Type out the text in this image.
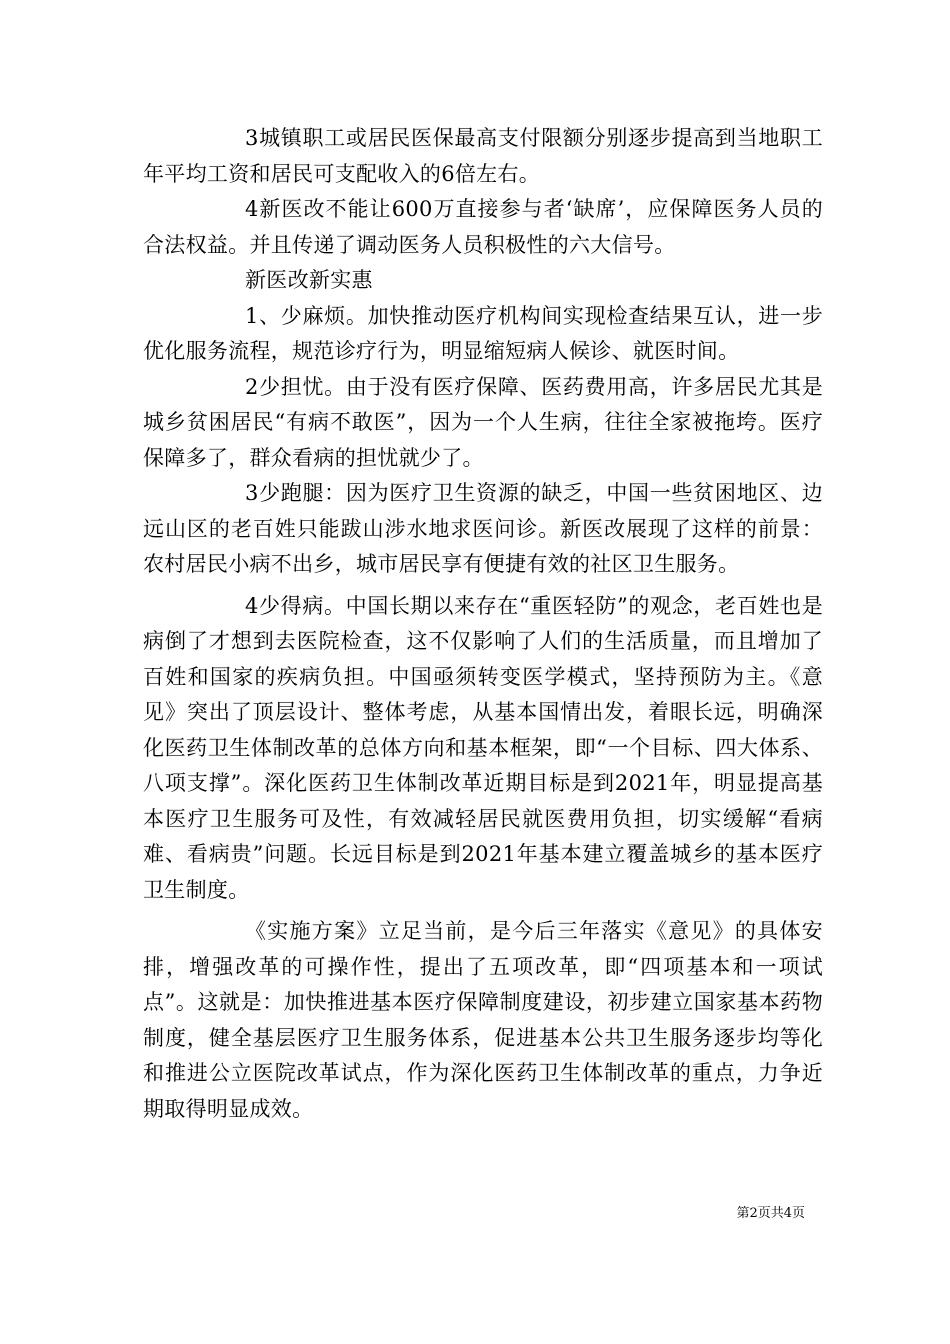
3城镇职工或居民医保最高支付限额分别逐步提高到当地职工年平均工资和居民可支配收入的6倍左右。

4新医改不能让600万直接参与者‘缺席’，应保障医务人员的合法权益。并且传递了调动医务人员积极性的六大信号。

新医改新实惠

1、少麻烦。加快推动医疗机构间实现检查结果互认，进一步优化服务流程，规范诊疗行为，明显缩短病人候诊、就医时间。

2少担忧。由于没有医疗保障、医药费用高，许多居民尤其是城乡贫困居民“有病不敢医”，因为一个人生病，往往全家被拖垮。医疗保障多了，群众看病的担忧就少了。

3少跑腿：因为医疗卫生资源的缺乏，中国一些贫困地区、边远山区的老百姓只能跋山涉水地求医问诊。新医改展现了这样的前景：农村居民小病不出乡，城市居民享有便捷有效的社区卫生服务。

4少得病。中国长期以来存在“重医轻防”的观念，老百姓也是病倒了才想到去医院检查，这不仅影响了人们的生活质量，而且增加了百姓和国家的疾病负担。中国亟须转变医学模式，坚持预防为主。《意见》突出了顶层设计、整体考虑，从基本国情出发，着眼长远，明确深化医药卫生体制改革的总体方向和基本框架，即“一个目标、四大体系、八项支撑”。深化医药卫生体制改革近期目标是到2021年，明显提高基本医疗卫生服务可及性，有效减轻居民就医费用负担，切实缓解“看病难、看病贵”问题。长远目标是到2021年基本建立覆盖城乡的基本医疗卫生制度。

《实施方案》立足当前，是今后三年落实《意见》的具体安排，增强改革的可操作性，提出了五项改革，即“四项基本和一项试点”。这就是：加快推进基本医疗保障制度建设，初步建立国家基本药物制度，健全基层医疗卫生服务体系，促进基本公共卫生服务逐步均等化和推进公立医院改革试点，作为深化医药卫生体制改革的重点，力争近期取得明显成效。

第2页共4页
